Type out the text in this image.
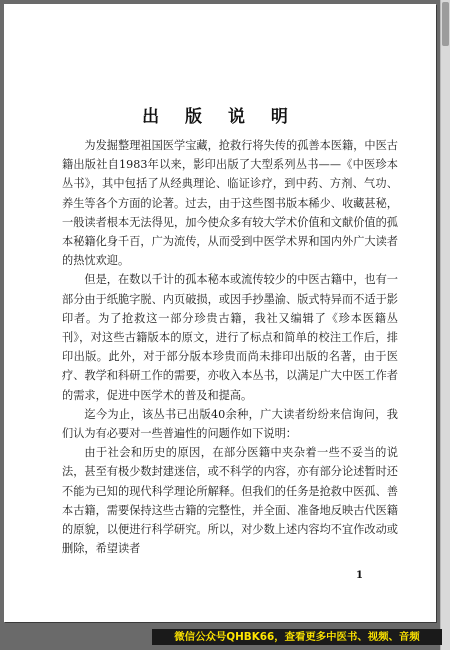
出 版 说 明

为发掘整理祖国医学宝藏，抢救行将失传的孤善本医籍，中医古籍出版社自1983年以来，影印出版了大型系列丛书——《中医珍本丛书》，其中包括了从经典理论、临证诊疗，到中药、方剂、气功、养生等各个方面的论著。过去，由于这些图书版本稀少、收藏甚秘，一般读者根本无法得见，加今使众多有较大学术价值和文献价值的孤本秘籍化身千百，广为流传，从而受到中医学术界和国内外广大读者的热忱欢迎。

但是，在数以千计的孤本秘本或流传较少的中医古籍中，也有一部分由于纸脆字脱、内页破损，或因手抄墨渝、版式特异而不适于影印者。为了抢救这一部分珍贵古籍，我社又编辑了《珍本医籍丛刊》，对这些古籍版本的原文，进行了标点和简单的校注工作后，排印出版。此外，对于部分版本珍贵而尚未排印出版的名著，由于医疗、教学和科研工作的需要，亦收入本丛书，以满足广大中医工作者的需求，促进中医学术的普及和提高。

迄今为止，该丛书已出版40余种，广大读者纷纷来信询问，我们认为有必要对一些普遍性的问题作如下说明：

由于社会和历史的原因，在部分医籍中夹杂着一些不妥当的说法，甚至有极少数封建迷信，或不科学的内容，亦有部分论述暂时还不能为已知的现代科学理论所解释。但我们的任务是抢救中医孤、善本古籍，需要保持这些古籍的完整性，并全面、准备地反映古代医籍的原貌，以便进行科学研究。所以，对少数上述内容均不宜作改动或删除，希望读者

1
微信公众号QHBK66，查看更多中医书、视频、音频
